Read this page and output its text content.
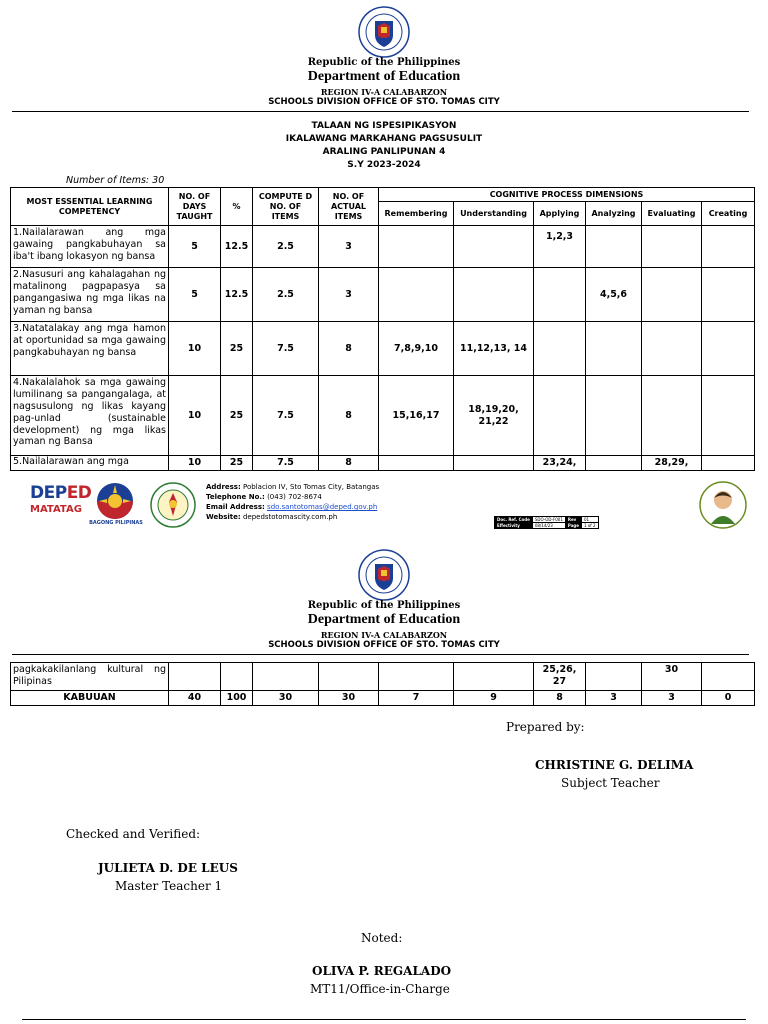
Republic of the Philippines
Department of Education
REGION IV-A CALABARZON
SCHOOLS DIVISION OFFICE OF STO. TOMAS CITY
TALAAN NG ISPESIPIKASYON
IKALAWANG MARKAHANG PAGSUSULIT
ARALING PANLIPUNAN 4
S.Y 2023-2024
Number of Items: 30
MOST ESSENTIAL LEARNING COMPETENCY	NO. OF DAYS TAUGHT	%	COMPUTE D NO. OF ITEMS	NO. OF ACTUAL ITEMS	COGNITIVE PROCESS DIMENSIONS					
					Remembering	Understanding	Applying	Analyzing	Evaluating	Creating
1.Nailalarawan ang mga gawaing pangkabuhayan sa iba't ibang lokasyon ng bansa	5	12.5	2.5	3			1,2,3			
2.Nasusuri ang kahalagahan ng matalinong pagpapasya sa pangangasiwa ng mga likas na yaman ng bansa	5	12.5	2.5	3				4,5,6		
3.Natatalakay ang mga hamon at oportunidad sa mga gawaing pangkabuhayan ng bansa	10	25	7.5	8	7,8,9,10	11,12,13, 14				
4.Nakalalahok sa mga gawaing lumilinang sa pangangalaga, at nagsusulong ng likas kayang pag-unlad (sustainable development) ng mga likas yaman ng Bansa	10	25	7.5	8	15,16,17	18,19,20, 21,22				
5.Nailalarawan ang mga	10	25	7.5	8			23,24,		28,29,	
DEPED
MATATAG
BAGONG PILIPINAS
Address: Poblacion IV, Sto Tomas City, Batangas
Telephone No.: (043) 702-8674
Email Address: sdo.santotomas@deped.gov.ph
Website: depedstotomascity.com.ph	Doc. Ref. Code	SDO-OD-F001	Rev	01
Effectivity	08/14/23	Page	1 of 2
Republic of the Philippines
Department of Education
REGION IV-A CALABARZON
SCHOOLS DIVISION OFFICE OF STO. TOMAS CITY
pagkakakilanlang kultural ng Pilipinas							25,26, 27		30	
KABUUAN	40	100	30	30	7	9	8	3	3	0
Prepared by:
CHRISTINE G. DELIMA
Subject Teacher
Checked and Verified:
JULIETA D. DE LEUS
Master Teacher 1
Noted:
OLIVA P. REGALADO
MT11/Office-in-Charge
